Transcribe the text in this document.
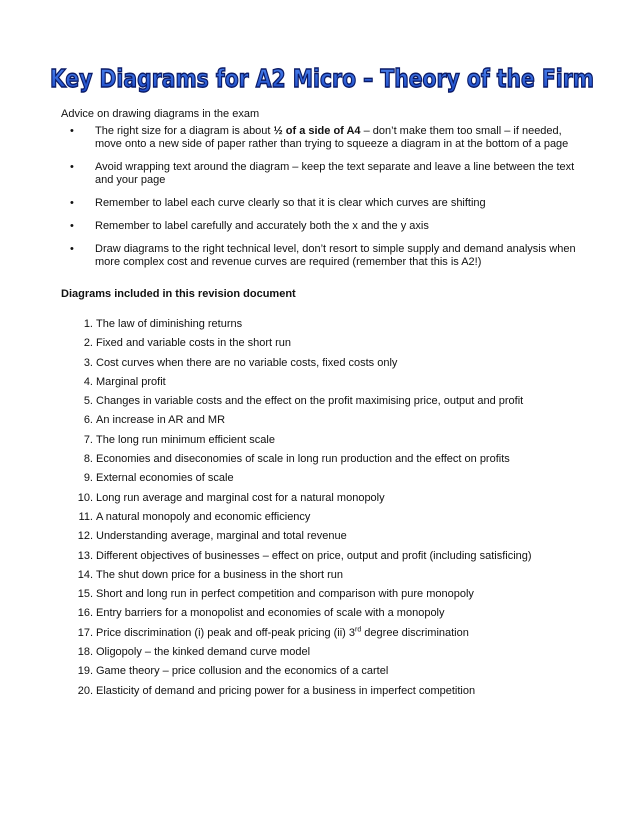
Key Diagrams for A2 Micro – Theory of the Firm
Advice on drawing diagrams in the exam
• The right size for a diagram is about ½ of a side of A4 – don’t make them too small – if needed, move onto a new side of paper rather than trying to squeeze a diagram in at the bottom of a page
• Avoid wrapping text around the diagram – keep the text separate and leave a line between the text and your page
• Remember to label each curve clearly so that it is clear which curves are shifting
• Remember to label carefully and accurately both the x and the y axis
• Draw diagrams to the right technical level, don’t resort to simple supply and demand analysis when more complex cost and revenue curves are required (remember that this is A2!)
Diagrams included in this revision document
1. The law of diminishing returns
2. Fixed and variable costs in the short run
3. Cost curves when there are no variable costs, fixed costs only
4. Marginal profit
5. Changes in variable costs and the effect on the profit maximising price, output and profit
6. An increase in AR and MR
7. The long run minimum efficient scale
8. Economies and diseconomies of scale in long run production and the effect on profits
9. External economies of scale
10. Long run average and marginal cost for a natural monopoly
11. A natural monopoly and economic efficiency
12. Understanding average, marginal and total revenue
13. Different objectives of businesses – effect on price, output and profit (including satisficing)
14. The shut down price for a business in the short run
15. Short and long run in perfect competition and comparison with pure monopoly
16. Entry barriers for a monopolist and economies of scale with a monopoly
17. Price discrimination (i) peak and off-peak pricing (ii) 3rd degree discrimination
18. Oligopoly – the kinked demand curve model
19. Game theory – price collusion and the economics of a cartel
20. Elasticity of demand and pricing power for a business in imperfect competition
